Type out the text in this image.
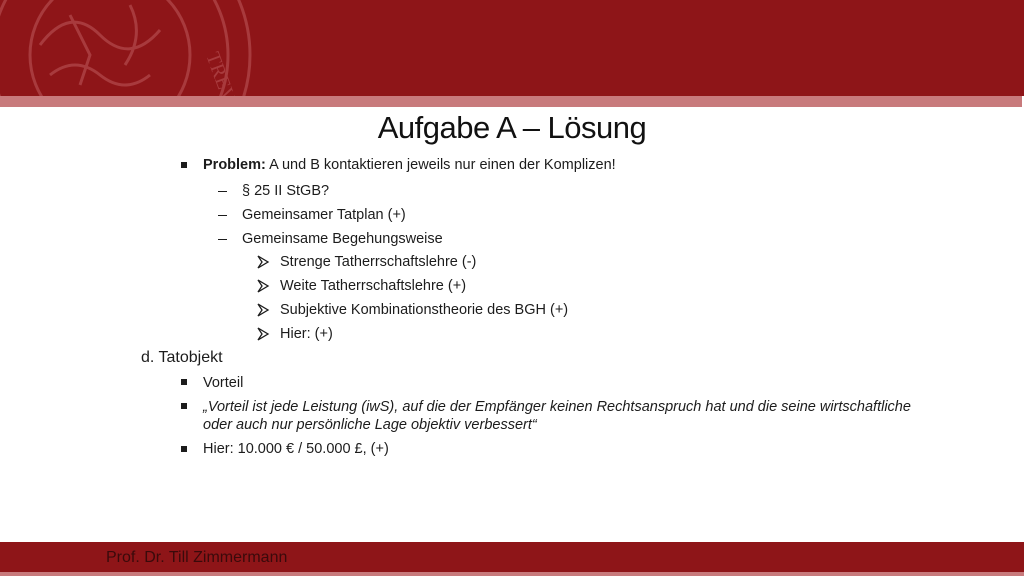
ALMA MATER
Aufgabe A – Lösung
Problem: A und B kontaktieren jeweils nur einen der Komplizen!
§ 25 II StGB?
Gemeinsamer Tatplan (+)
Gemeinsame Begehungsweise
Strenge Tatherrschaftslehre (-)
Weite Tatherrschaftslehre (+)
Subjektive Kombinationstheorie des BGH (+)
Hier: (+)
d. Tatobjekt
Vorteil
„Vorteil ist jede Leistung (iwS), auf die der Empfänger keinen Rechtsanspruch hat und die seine wirtschaftliche
oder auch nur persönliche Lage objektiv verbessert“
Hier: 10.000 € / 50.000 £, (+)
Prof. Dr. Till Zimmermann
